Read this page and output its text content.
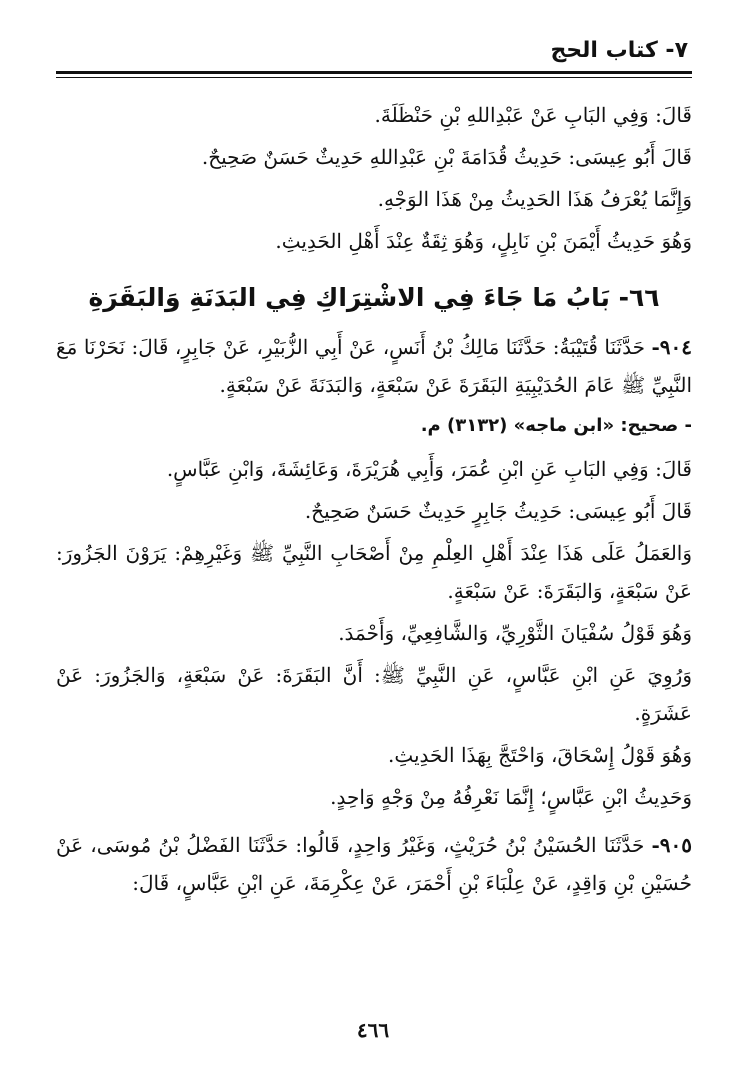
٧- كتاب الحج

قَالَ: وَفِي البَابِ عَنْ عَبْدِاللهِ بْنِ حَنْظَلَةَ.

قَالَ أَبُو عِيسَى: حَدِيثُ قُدَامَةَ بْنِ عَبْدِاللهِ حَدِيثٌ حَسَنٌ صَحِيحٌ.

وَإِنَّمَا يُعْرَفُ هَذَا الحَدِيثُ مِنْ هَذَا الوَجْهِ.

وَهُوَ حَدِيثُ أَيْمَنَ بْنِ نَابِلٍ، وَهُوَ ثِقَةٌ عِنْدَ أَهْلِ الحَدِيثِ.

٦٦- بَابُ مَا جَاءَ فِي الاشْتِرَاكِ فِي البَدَنَةِ وَالبَقَرَةِ

٩٠٤- حَدَّثَنَا قُتَيْبَةُ: حَدَّثَنَا مَالِكُ بْنُ أَنَسٍ، عَنْ أَبِي الزُّبَيْرِ، عَنْ جَابِرٍ، قَالَ: نَحَرْنَا مَعَ النَّبِيِّ ﷺ عَامَ الحُدَيْبِيَةِ البَقَرَةَ عَنْ سَبْعَةٍ، وَالبَدَنَةَ عَنْ سَبْعَةٍ.

- صحيح: «ابن ماجه» (٣١٣٢) م.

قَالَ: وَفِي البَابِ عَنِ ابْنِ عُمَرَ، وَأَبِي هُرَيْرَةَ، وَعَائِشَةَ، وَابْنِ عَبَّاسٍ.

قَالَ أَبُو عِيسَى: حَدِيثُ جَابِرٍ حَدِيثٌ حَسَنٌ صَحِيحٌ.

وَالعَمَلُ عَلَى هَذَا عِنْدَ أَهْلِ العِلْمِ مِنْ أَصْحَابِ النَّبِيِّ ﷺ وَغَيْرِهِمْ: يَرَوْنَ الجَزُورَ: عَنْ سَبْعَةٍ، وَالبَقَرَةَ: عَنْ سَبْعَةٍ.

وَهُوَ قَوْلُ سُفْيَانَ الثَّوْرِيِّ، وَالشَّافِعِيِّ، وَأَحْمَدَ.

وَرُوِيَ عَنِ ابْنِ عَبَّاسٍ، عَنِ النَّبِيِّ ﷺ: أَنَّ البَقَرَةَ: عَنْ سَبْعَةٍ، وَالجَزُورَ: عَنْ عَشَرَةٍ.

وَهُوَ قَوْلُ إِسْحَاقَ، وَاحْتَجَّ بِهَذَا الحَدِيثِ.

وَحَدِيثُ ابْنِ عَبَّاسٍ؛ إِنَّمَا نَعْرِفُهُ مِنْ وَجْهٍ وَاحِدٍ.

٩٠٥- حَدَّثَنَا الحُسَيْنُ بْنُ حُرَيْثٍ، وَغَيْرُ وَاحِدٍ، قَالُوا: حَدَّثَنَا الفَضْلُ بْنُ مُوسَى، عَنْ حُسَيْنِ بْنِ وَاقِدٍ، عَنْ عِلْبَاءَ بْنِ أَحْمَرَ، عَنْ عِكْرِمَةَ، عَنِ ابْنِ عَبَّاسٍ، قَالَ:

٤٦٦
